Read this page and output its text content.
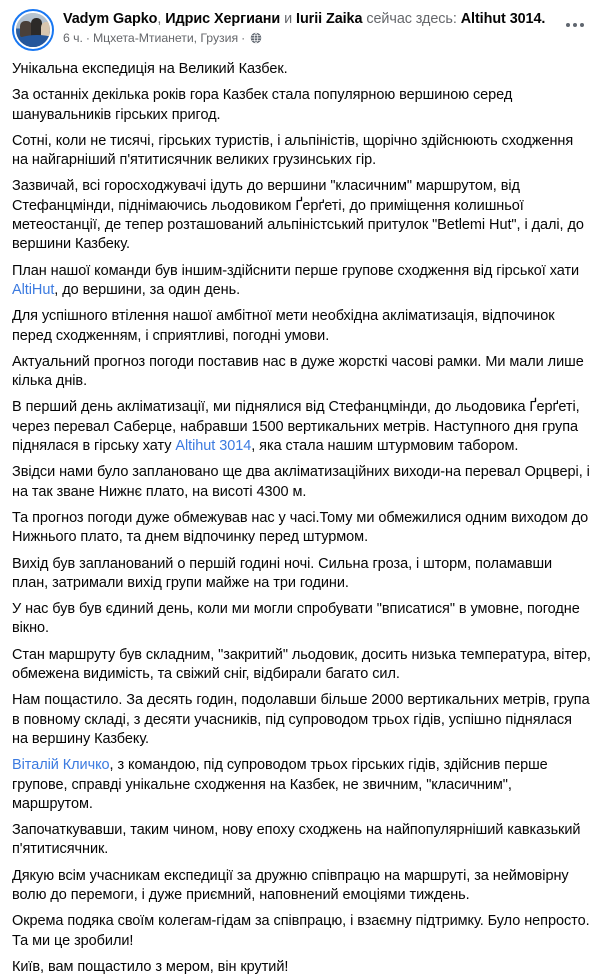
Vadym Gapko, Идрис Хергиани и Iurii Zaika сейчас здесь: Altihut 3014.
6 ч. · Мцхета-Мтианети, Грузия ·

Унікальна експедиція на Великий Казбек.

За останніх декілька років гора Казбек стала популярною вершиною серед шанувальників гірських пригод.

Сотні, коли не тисячі, гірських туристів, і альпіністів, щорічно здійснюють сходження на найгарніший п'ятитисячник великих грузинських гір.

Зазвичай, всі горосходжувачі ідуть до вершини "класичним" маршрутом, від Стефанцмінди, піднімаючись льодовиком Ґерґеті, до приміщення колишньої метеостанції, де тепер розташований альпіністський притулок "Betlemi Hut", і далі, до вершини Казбеку.

План нашої команди був іншим-здійснити перше групове сходження від гірської хати AltiHut, до вершини, за один день.

Для успішного втілення нашої амбітної мети необхідна акліматизація, відпочинок перед сходженням, і сприятливі, погодні умови.

Актуальний прогноз погоди поставив нас в дуже жорсткі часові рамки. Ми мали лише кілька днів.

В перший день акліматизації, ми піднялися від Стефанцмінди, до льодовика Ґерґеті, через перевал Саберце, набравши 1500 вертикальних метрів. Наступного дня група піднялася в гірську хату Altihut 3014, яка стала нашим штурмовим табором.

Звідси нами було заплановано ще два акліматизаційних виходи-на перевал Орцвері, і на так зване Нижнє плато, на висоті 4300 м.

Та прогноз погоди дуже обмежував нас у часі.Тому ми обмежилися одним виходом до Нижнього плато, та днем відпочинку перед штурмом.

Вихід був запланований о першій годині ночі. Сильна гроза, і шторм, поламавши план, затримали вихід групи майже на три години.

У нас був був єдиний день, коли ми могли спробувати "вписатися" в умовне, погодне вікно.

Стан маршруту був складним, "закритий" льодовик, досить низька температура, вітер, обмежена видимість, та свіжий сніг, відбирали багато сил.

Нам пощастило. За десять годин, подолавши більше 2000 вертикальних метрів, група в повному складі, з десяти учасників, під супроводом трьох гідів, успішно піднялася на вершину Казбеку.

Віталій Кличко, з командою, під супроводом трьох гірських гідів, здійснив перше групове, справді унікальне сходження на Казбек, не звичним, "класичним", маршрутом.

Започаткувавши, таким чином, нову епоху сходжень на найпопулярніший кавказький п'ятитисячник.

Дякую всім учасникам експедиції за дружню співпрацю на маршруті, за неймовірну волю до перемоги, і дуже приємний, наповнений емоціями тиждень.

Окрема подяка своїм колегам-гідам за співпрацю, і взаємну підтримку. Було непросто. Та ми це зробили!

Київ, вам пощастило з мером, він крутий!
